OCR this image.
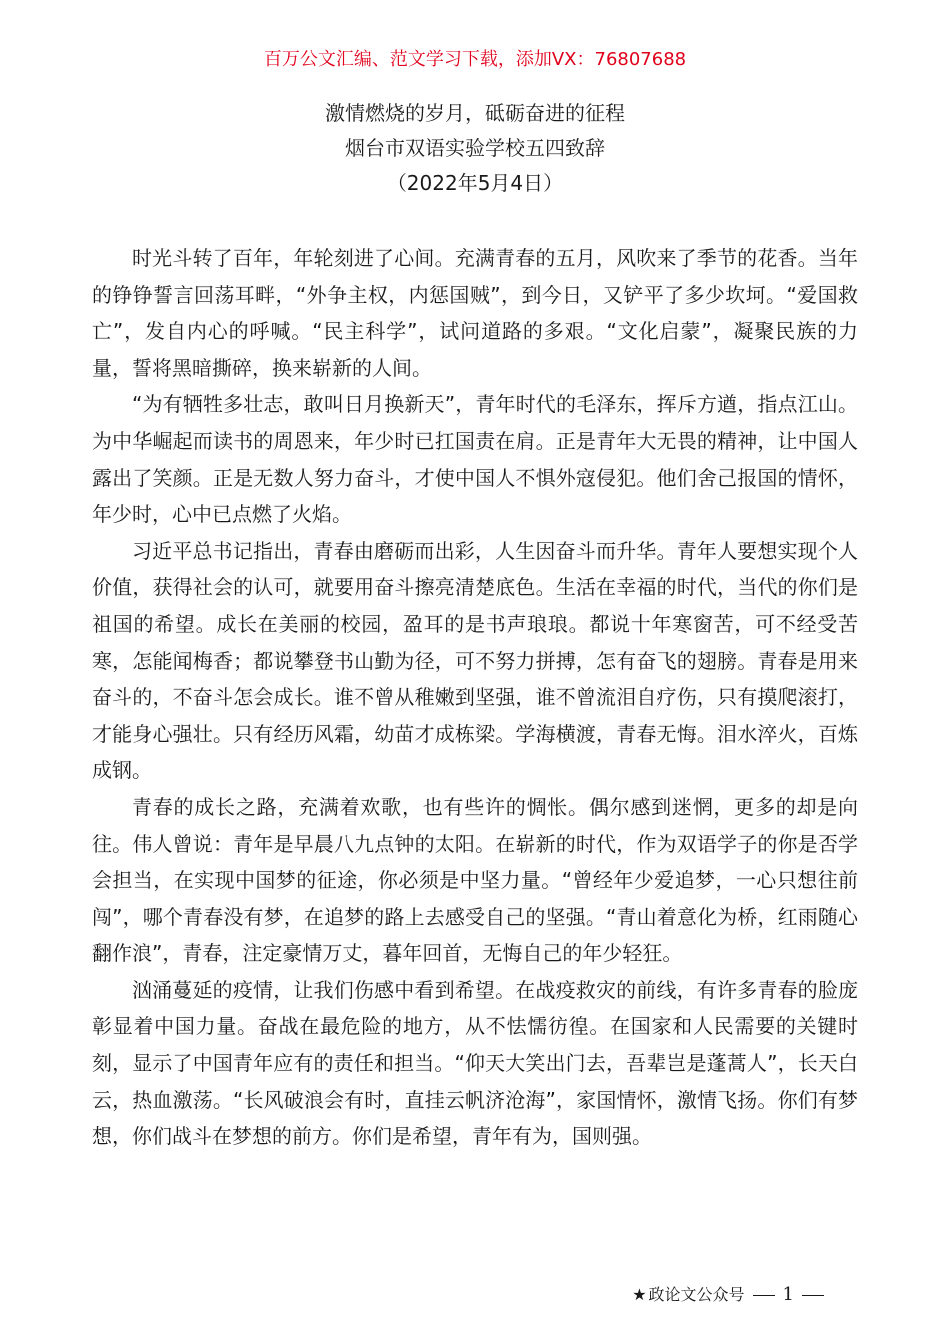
百万公文汇编、范文学习下载，添加VX：76807688
激情燃烧的岁月，砥砺奋进的征程
烟台市双语实验学校五四致辞
（2022年5月4日）

时光斗转了百年，年轮刻进了心间。充满青春的五月，风吹来了季节的花香。当年的铮铮誓言回荡耳畔，“外争主权，内惩国贼”，到今日，又铲平了多少坎坷。“爱国救亡”，发自内心的呼喊。“民主科学”，试问道路的多艰。“文化启蒙”，凝聚民族的力量，誓将黑暗撕碎，换来崭新的人间。

“为有牺牲多壮志，敢叫日月换新天”，青年时代的毛泽东，挥斥方遒，指点江山。为中华崛起而读书的周恩来，年少时已扛国责在肩。正是青年大无畏的精神，让中国人露出了笑颜。正是无数人努力奋斗，才使中国人不惧外寇侵犯。他们舍己报国的情怀，年少时，心中已点燃了火焰。

习近平总书记指出，青春由磨砺而出彩，人生因奋斗而升华。青年人要想实现个人价值，获得社会的认可，就要用奋斗擦亮清楚底色。生活在幸福的时代，当代的你们是祖国的希望。成长在美丽的校园，盈耳的是书声琅琅。都说十年寒窗苦，可不经受苦寒，怎能闻梅香；都说攀登书山勤为径，可不努力拼搏，怎有奋飞的翅膀。青春是用来奋斗的，不奋斗怎会成长。谁不曾从稚嫩到坚强，谁不曾流泪自疗伤，只有摸爬滚打，才能身心强壮。只有经历风霜，幼苗才成栋梁。学海横渡，青春无悔。泪水淬火，百炼成钢。

青春的成长之路，充满着欢歌，也有些许的惆怅。偶尔感到迷惘，更多的却是向往。伟人曾说：青年是早晨八九点钟的太阳。在崭新的时代，作为双语学子的你是否学会担当，在实现中国梦的征途，你必须是中坚力量。“曾经年少爱追梦，一心只想往前闯”，哪个青春没有梦，在追梦的路上去感受自己的坚强。“青山着意化为桥，红雨随心翻作浪”，青春，注定豪情万丈，暮年回首，无悔自己的年少轻狂。

汹涌蔓延的疫情，让我们伤感中看到希望。在战疫救灾的前线，有许多青春的脸庞彰显着中国力量。奋战在最危险的地方，从不怯懦彷徨。在国家和人民需要的关键时刻，显示了中国青年应有的责任和担当。“仰天大笑出门去，吾辈岂是蓬蒿人”，长天白云，热血激荡。“长风破浪会有时，直挂云帆济沧海”，家国情怀，激情飞扬。你们有梦想，你们战斗在梦想的前方。你们是希望，青年有为，国则强。

★ 政论文公众号 1
